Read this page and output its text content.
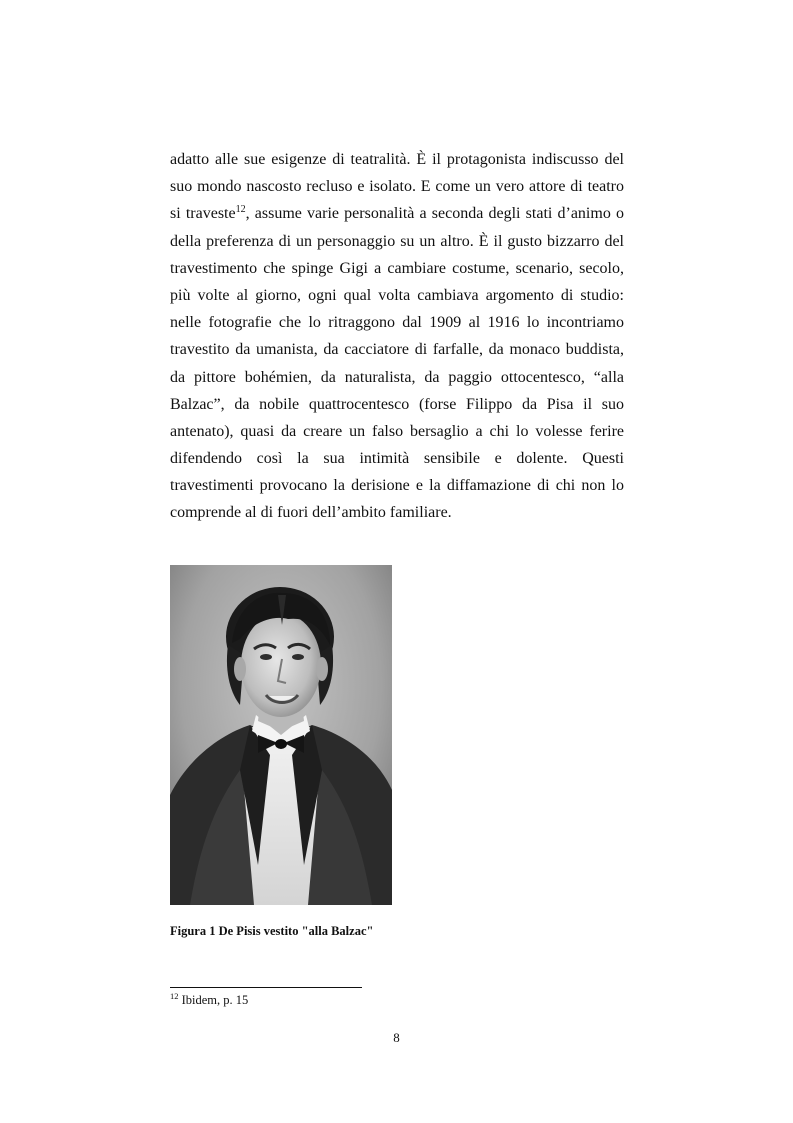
adatto alle sue esigenze di teatralità. È il protagonista indiscusso del
suo mondo nascosto recluso e isolato. E come un vero attore di teatro
si traveste$^{12}$, assume varie personalità a seconda degli stati d’animo o
della preferenza di un personaggio su un altro. È il gusto bizzarro del
travestimento che spinge Gigi a cambiare costume, scenario, secolo,
più volte al giorno, ogni qual volta cambiava argomento di studio:
nelle fotografie che lo ritraggono dal 1909 al 1916 lo incontriamo
travestito da umanista, da cacciatore di farfalle, da monaco buddista,
da pittore bohémien, da naturalista, da paggio ottocentesco, “alla
Balzac”, da nobile quattrocentesco (forse Filippo da Pisa il suo
antenato), quasi da creare un falso bersaglio a chi lo volesse ferire
difendendo così la sua intimità sensibile e dolente. Questi
travestimenti provocano la derisione e la diffamazione di chi non lo
comprende al di fuori dell’ambito familiare.
Figura 1 De Pisis vestito "alla Balzac"
$^{12}$ Ibidem, p. 15
8
